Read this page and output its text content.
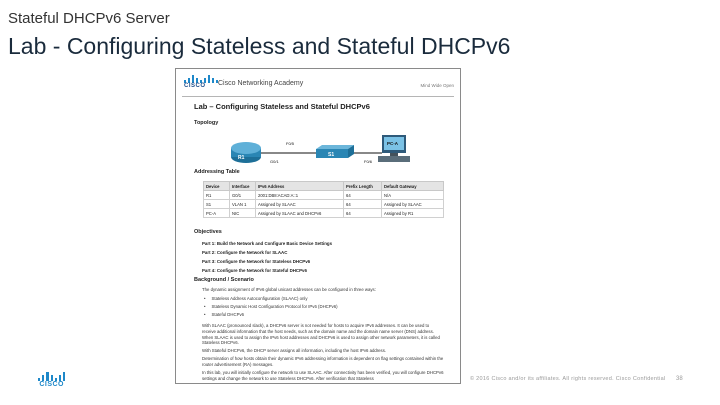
Stateful DHCPv6 Server
Lab - Configuring Stateless and Stateful DHCPv6
CISCO	Cisco Networking Academy	Mind Wide Open
Lab – Configuring Stateless and Stateful DHCPv6
Topology
R1	S1
PC-A
F0/5
G0/1	F0/6
Addressing Table
Device	Interface	IPv6 Address	Prefix Length	Default Gateway
R1	G0/1	2001:DB8:ACAD:A::1	64	N/A
S1	VLAN 1	Assigned by SLAAC	64	Assigned by SLAAC
PC-A	NIC	Assigned by SLAAC and DHCPv6	64	Assigned by R1
Objectives
Part 1: Build the Network and Configure Basic Device Settings
Part 2: Configure the Network for SLAAC
Part 3: Configure the Network for Stateless DHCPv6
Part 4: Configure the Network for Stateful DHCPv6
Background / Scenario
The dynamic assignment of IPv6 global unicast addresses can be configured in three ways:
• Stateless Address Autoconfiguration (SLAAC) only
• Stateless Dynamic Host Configuration Protocol for IPv6 (DHCPv6)
• Stateful DHCPv6
With SLAAC (pronounced slack), a DHCPv6 server is not needed for hosts to acquire IPv6 addresses. It can be used to receive additional information that the host needs, such as the domain name and the domain name server (DNS) address. When SLAAC is used to assign the IPv6 host addresses and DHCPv6 is used to assign other network parameters, it is called Stateless DHCPv6.
With Stateful DHCPv6, the DHCP server assigns all information, including the host IPv6 address.
Determination of how hosts obtain their dynamic IPv6 addressing information is dependent on flag settings contained within the router advertisement (RA) messages.
In this lab, you will initially configure the network to use SLAAC. After connectivity has been verified, you will configure DHCPv6 settings and change the network to use Stateless DHCPv6. After verification that Stateless
CISCO
© 2016 Cisco and/or its affiliates. All rights reserved. Cisco Confidential 38
